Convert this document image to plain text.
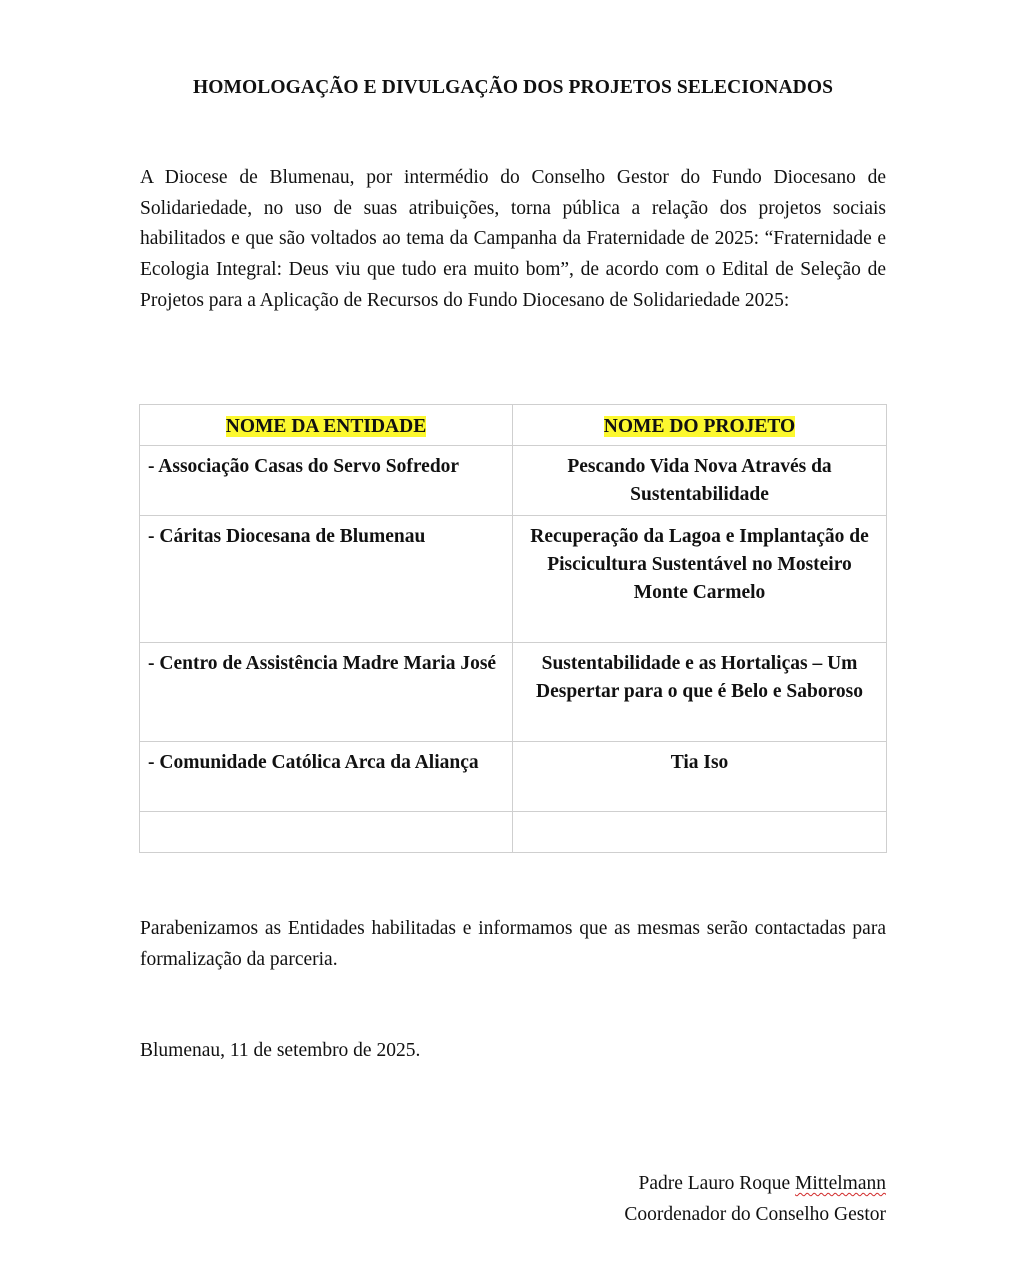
HOMOLOGAÇÃO E DIVULGAÇÃO DOS PROJETOS SELECIONADOS

A Diocese de Blumenau, por intermédio do Conselho Gestor do Fundo Diocesano de Solidariedade, no uso de suas atribuições, torna pública a relação dos projetos sociais habilitados e que são voltados ao tema da Campanha da Fraternidade de 2025: “Fraternidade e Ecologia Integral: Deus viu que tudo era muito bom”, de acordo com o Edital de Seleção de Projetos para a Aplicação de Recursos do Fundo Diocesano de Solidariedade 2025:

NOME DA ENTIDADE	NOME DO PROJETO
- Associação Casas do Servo Sofredor	Pescando Vida Nova Através da Sustentabilidade
- Cáritas Diocesana de Blumenau	Recuperação da Lagoa e Implantação de Piscicultura Sustentável no Mosteiro Monte Carmelo
- Centro de Assistência Madre Maria José	Sustentabilidade e as Hortaliças – Um Despertar para o que é Belo e Saboroso
- Comunidade Católica Arca da Aliança	Tia Iso

Parabenizamos as Entidades habilitadas e informamos que as mesmas serão contactadas para formalização da parceria.

Blumenau, 11 de setembro de 2025.

Padre Lauro Roque Mittelmann
Coordenador do Conselho Gestor
